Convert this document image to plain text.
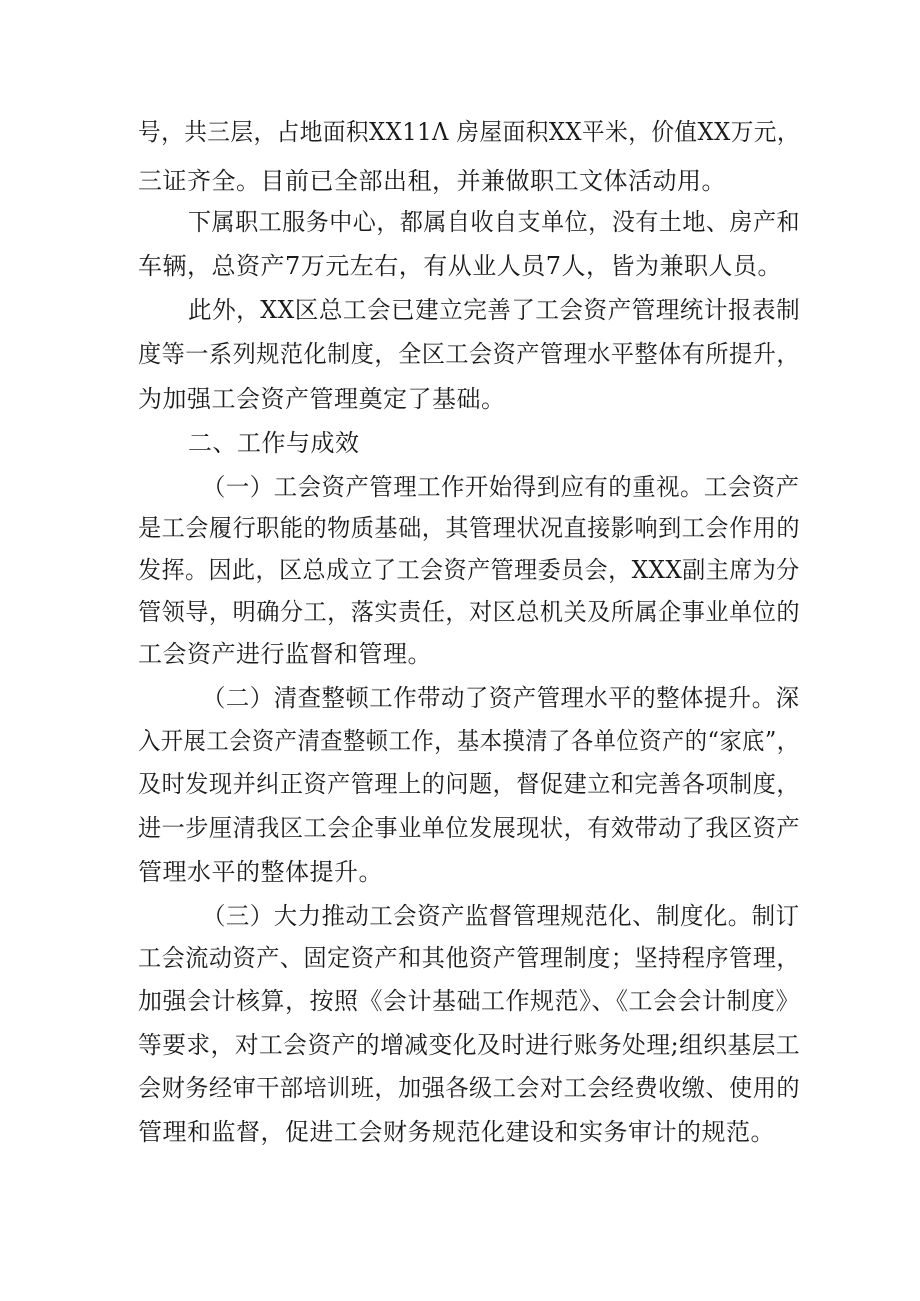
号，共三层，占地面积XX11Λ 房屋面积XX平米，价值XX万元，
三证齐全。目前已全部出租，并兼做职工文体活动用。
下属职工服务中心，都属自收自支单位，没有土地、房产和
车辆，总资产7万元左右，有从业人员7人，皆为兼职人员。
此外，XX区总工会已建立完善了工会资产管理统计报表制
度等一系列规范化制度，全区工会资产管理水平整体有所提升，
为加强工会资产管理奠定了基础。
二、工作与成效
（一）工会资产管理工作开始得到应有的重视。工会资产
是工会履行职能的物质基础，其管理状况直接影响到工会作用的
发挥。因此，区总成立了工会资产管理委员会，XXX副主席为分
管领导，明确分工，落实责任，对区总机关及所属企事业单位的
工会资产进行监督和管理。
（二）清查整顿工作带动了资产管理水平的整体提升。深
入开展工会资产清查整顿工作，基本摸清了各单位资产的“家底”，
及时发现并纠正资产管理上的问题，督促建立和完善各项制度，
进一步厘清我区工会企事业单位发展现状，有效带动了我区资产
管理水平的整体提升。
（三）大力推动工会资产监督管理规范化、制度化。制订
工会流动资产、固定资产和其他资产管理制度；坚持程序管理，
加强会计核算，按照《会计基础工作规范》、《工会会计制度》
等要求，对工会资产的增减变化及时进行账务处理;组织基层工
会财务经审干部培训班，加强各级工会对工会经费收缴、使用的
管理和监督，促进工会财务规范化建设和实务审计的规范。
